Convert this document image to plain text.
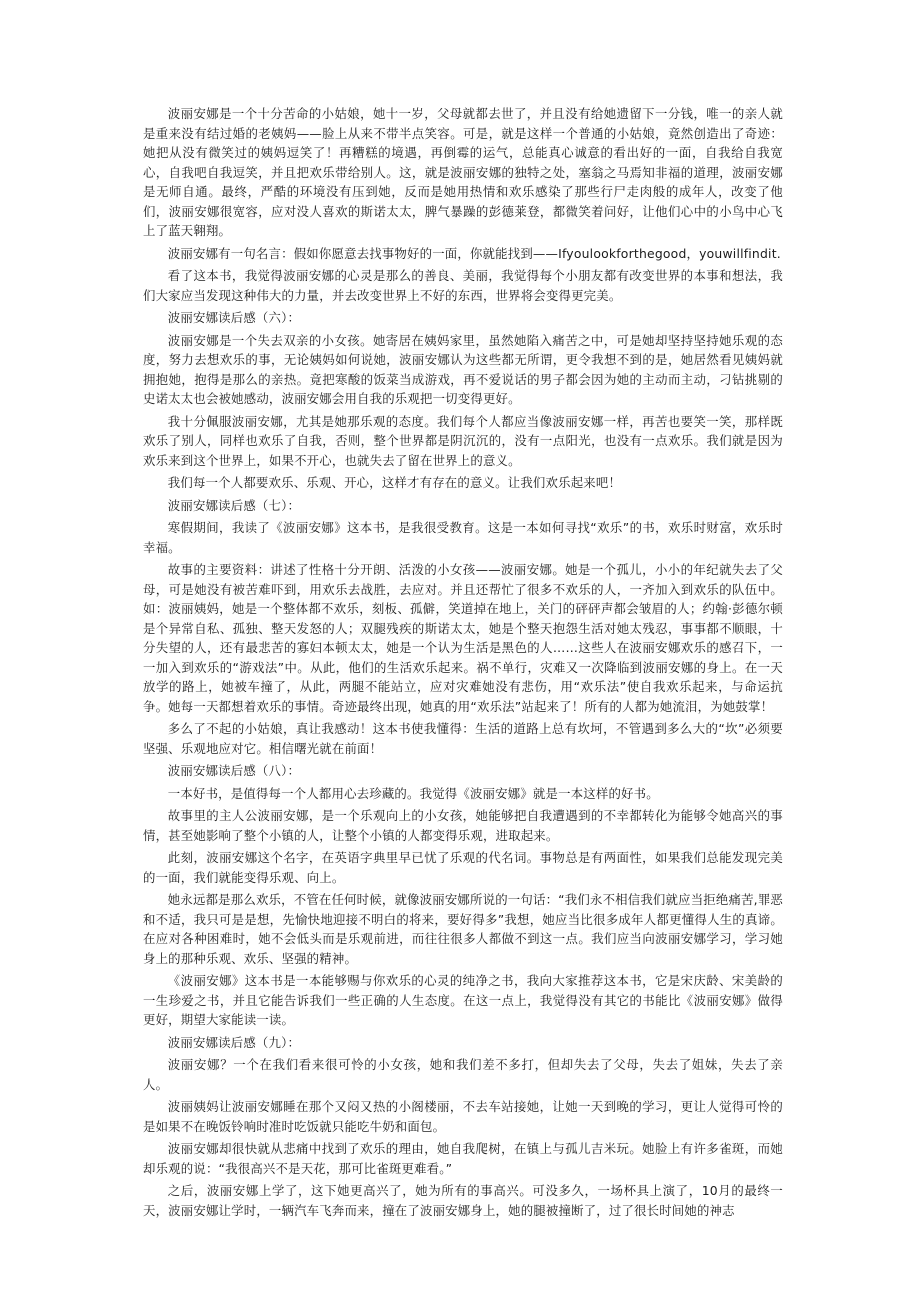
波丽安娜是一个十分苦命的小姑娘，她十一岁，父母就都去世了，并且没有给她遗留下一分钱，唯一的亲人就是重来没有结过婚的老姨妈——脸上从来不带半点笑容。可是，就是这样一个普通的小姑娘，竟然创造出了奇迹：她把从没有微笑过的姨妈逗笑了！再糟糕的境遇，再倒霉的运气，总能真心诚意的看出好的一面，自我给自我宽心，自我吧自我逗笑，并且把欢乐带给别人。这，就是波丽安娜的独特之处，塞翁之马焉知非福的道理，波丽安娜是无师自通。最终，严酷的环境没有压到她，反而是她用热情和欢乐感染了那些行尸走肉般的成年人，改变了他们，波丽安娜很宽容，应对没人喜欢的斯诺太太，脾气暴躁的彭德莱登，都微笑着问好，让他们心中的小鸟中心飞上了蓝天翱翔。

波丽安娜有一句名言：假如你愿意去找事物好的一面，你就能找到——Ifyoulookforthegood，youwillfindit.

看了这本书，我觉得波丽安娜的心灵是那么的善良、美丽，我觉得每个小朋友都有改变世界的本事和想法，我们大家应当发现这种伟大的力量，并去改变世界上不好的东西，世界将会变得更完美。

波丽安娜读后感（六）：

波丽安娜是一个失去双亲的小女孩。她寄居在姨妈家里，虽然她陷入痛苦之中，可是她却坚持坚持她乐观的态度，努力去想欢乐的事，无论姨妈如何说她，波丽安娜认为这些都无所谓，更令我想不到的是，她居然看见姨妈就拥抱她，抱得是那么的亲热。竟把寒酸的饭菜当成游戏，再不爱说话的男子都会因为她的主动而主动，刁钻挑剔的史诺太太也会被她感动，波丽安娜会用自我的乐观把一切变得更好。

我十分佩服波丽安娜，尤其是她那乐观的态度。我们每个人都应当像波丽安娜一样，再苦也要笑一笑，那样既欢乐了别人，同样也欢乐了自我，否则，整个世界都是阴沉沉的，没有一点阳光，也没有一点欢乐。我们就是因为欢乐来到这个世界上，如果不开心，也就失去了留在世界上的意义。

我们每一个人都要欢乐、乐观、开心，这样才有存在的意义。让我们欢乐起来吧！

波丽安娜读后感（七）：

寒假期间，我读了《波丽安娜》这本书，是我很受教育。这是一本如何寻找“欢乐”的书，欢乐时财富，欢乐时幸福。

故事的主要资料：讲述了性格十分开朗、活泼的小女孩——波丽安娜。她是一个孤儿，小小的年纪就失去了父母，可是她没有被苦难吓到，用欢乐去战胜，去应对。并且还帮忙了很多不欢乐的人，一齐加入到欢乐的队伍中。如：波丽姨妈，她是一个整体都不欢乐，刻板、孤僻，笑道掉在地上，关门的砰砰声都会皱眉的人；约翰·彭德尔顿是个异常自私、孤独、整天发怒的人；双腿残疾的斯诺太太，她是个整天抱怨生活对她太残忍，事事都不顺眼，十分失望的人，还有最悲苦的寡妇本顿太太，她是一个认为生活是黑色的人……这些人在波丽安娜欢乐的感召下，一一加入到欢乐的“游戏法”中。从此，他们的生活欢乐起来。祸不单行，灾难又一次降临到波丽安娜的身上。在一天放学的路上，她被车撞了，从此，两腿不能站立，应对灾难她没有悲伤，用“欢乐法”使自我欢乐起来，与命运抗争。她每一天都想着欢乐的事情。奇迹最终出现，她真的用“欢乐法”站起来了！所有的人都为她流泪，为她鼓掌！

多么了不起的小姑娘，真让我感动！这本书使我懂得：生活的道路上总有坎坷，不管遇到多么大的“坎”必须要坚强、乐观地应对它。相信曙光就在前面！

波丽安娜读后感（八）：

一本好书，是值得每一个人都用心去珍藏的。我觉得《波丽安娜》就是一本这样的好书。

故事里的主人公波丽安娜，是一个乐观向上的小女孩，她能够把自我遭遇到的不幸都转化为能够令她高兴的事情，甚至她影响了整个小镇的人，让整个小镇的人都变得乐观，进取起来。

此刻，波丽安娜这个名字，在英语字典里早已忧了乐观的代名词。事物总是有两面性，如果我们总能发现完美的一面，我们就能变得乐观、向上。

她永远都是那么欢乐，不管在任何时候，就像波丽安娜所说的一句话：“我们永不相信我们就应当拒绝痛苦,罪恶和不适，我只可是是想，先愉快地迎接不明白的将来，要好得多”我想，她应当比很多成年人都更懂得人生的真谛。在应对各种困难时，她不会低头而是乐观前进，而往往很多人都做不到这一点。我们应当向波丽安娜学习，学习她身上的那种乐观、欢乐、坚强的精神。

《波丽安娜》这本书是一本能够赐与你欢乐的心灵的纯净之书，我向大家推荐这本书，它是宋庆龄、宋美龄的一生珍爱之书，并且它能告诉我们一些正确的人生态度。在这一点上，我觉得没有其它的书能比《波丽安娜》做得更好，期望大家能读一读。

波丽安娜读后感（九）：

波丽安娜？一个在我们看来很可怜的小女孩，她和我们差不多打，但却失去了父母，失去了姐妹，失去了亲人。

波丽姨妈让波丽安娜睡在那个又闷又热的小阁楼丽，不去车站接她，让她一天到晚的学习，更让人觉得可怜的是如果不在晚饭铃响时准时吃饭就只能吃牛奶和面包。

波丽安娜却很快就从悲痛中找到了欢乐的理由，她自我爬树，在镇上与孤儿吉米玩。她脸上有许多雀斑，而她却乐观的说：“我很高兴不是天花，那可比雀斑更难看。”

之后，波丽安娜上学了，这下她更高兴了，她为所有的事高兴。可没多久，一场杯具上演了，10月的最终一天，波丽安娜让学时，一辆汽车飞奔而来，撞在了波丽安娜身上，她的腿被撞断了，过了很长时间她的神志
